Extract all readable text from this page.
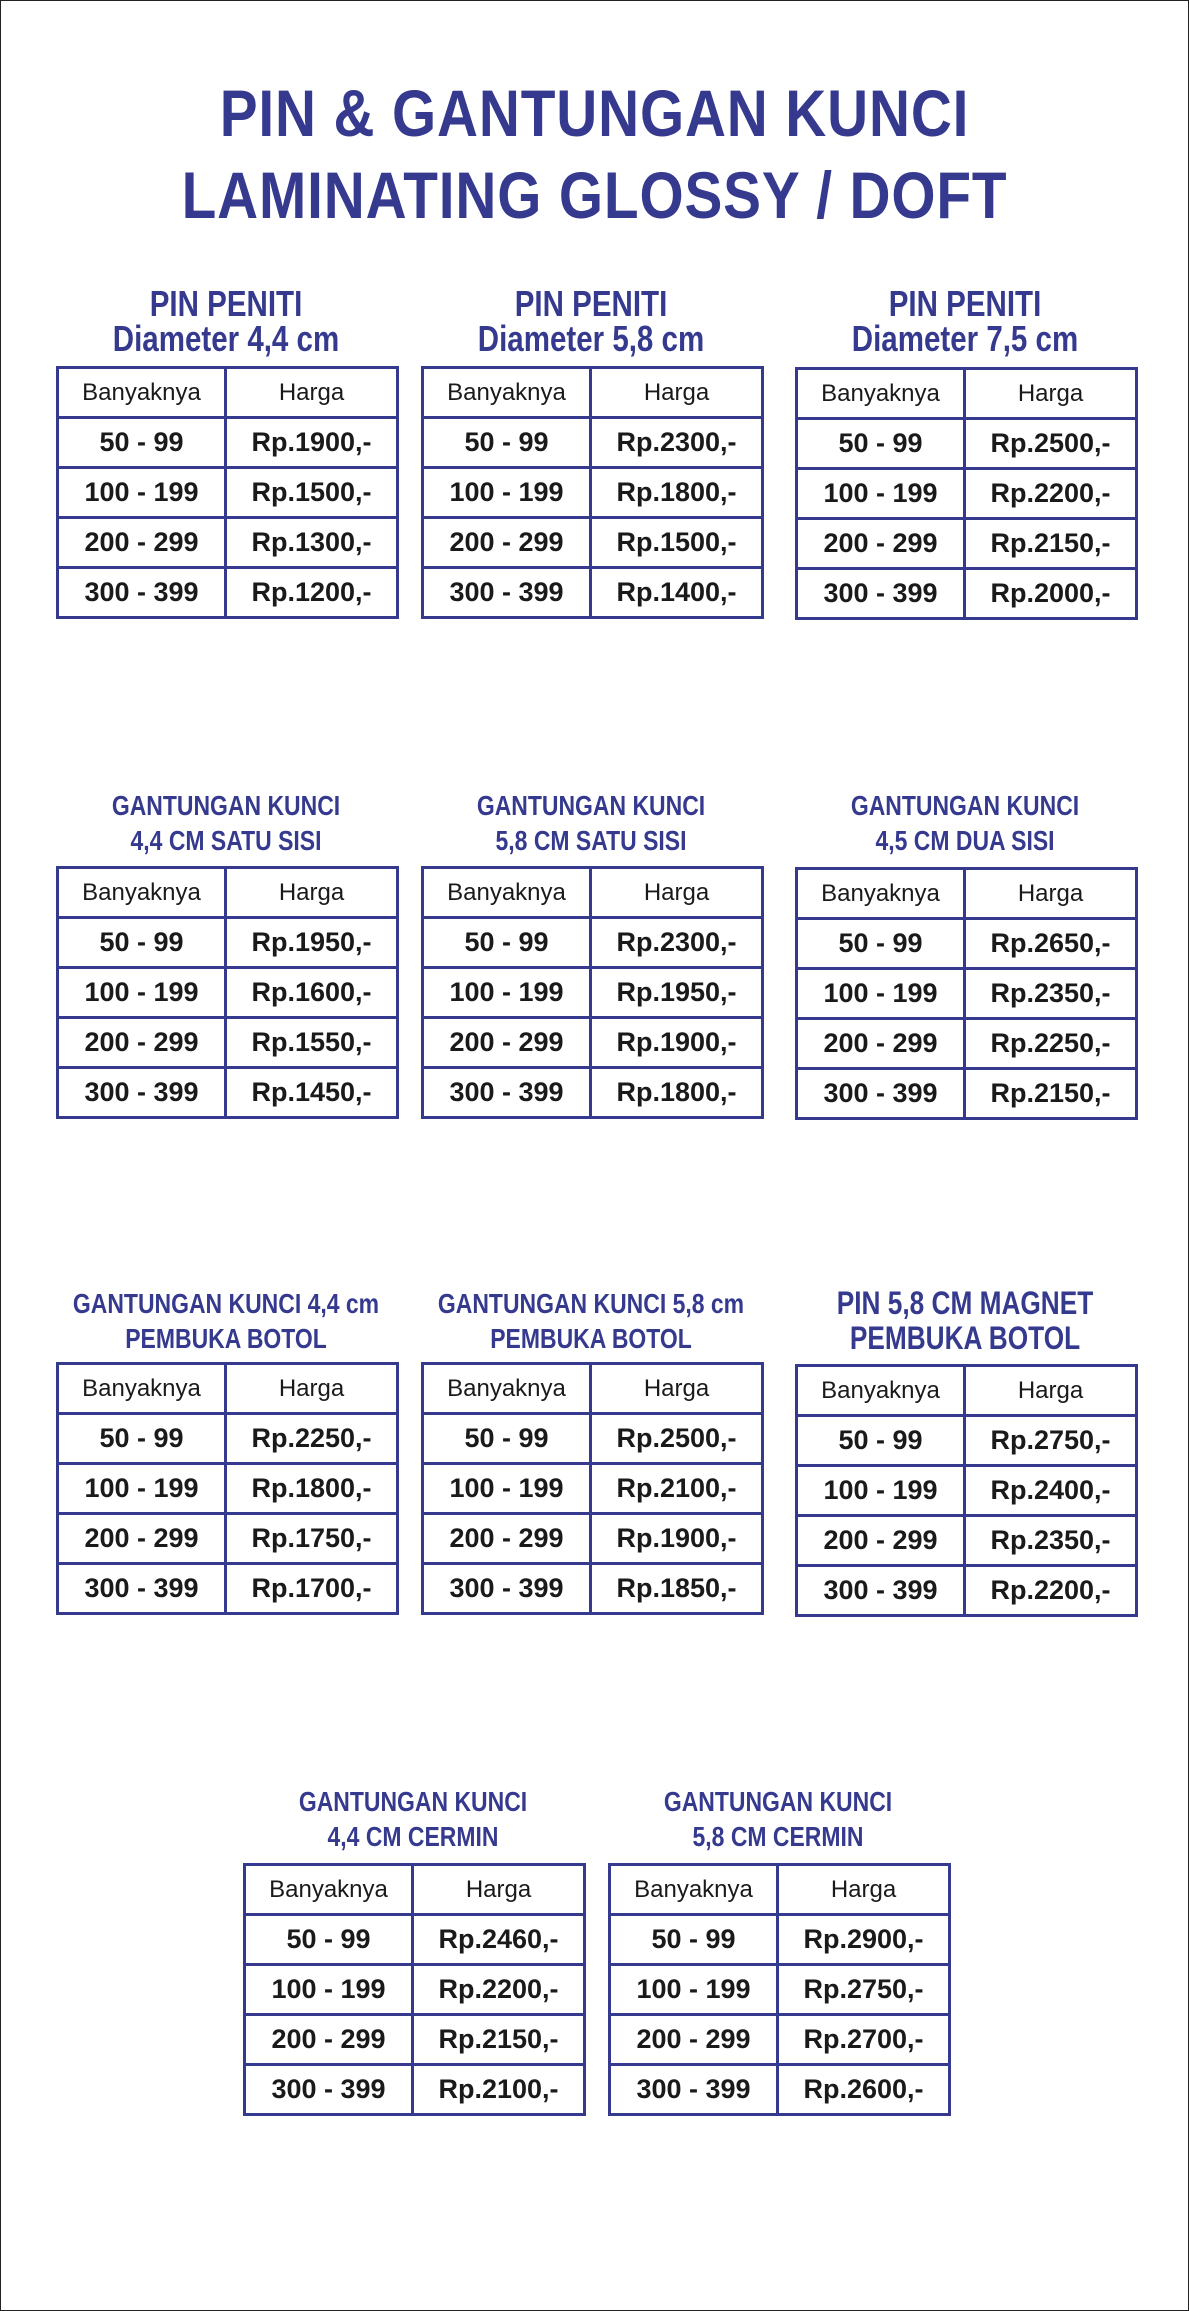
PIN & GANTUNGAN KUNCI
LAMINATING GLOSSY / DOFT
PIN PENITI
Diameter 4,4 cm
Banyaknya	Harga
50 - 99	Rp.1900,-
100 - 199	Rp.1500,-
200 - 299	Rp.1300,-
300 - 399	Rp.1200,-
PIN PENITI
Diameter 5,8 cm
Banyaknya	Harga
50 - 99	Rp.2300,-
100 - 199	Rp.1800,-
200 - 299	Rp.1500,-
300 - 399	Rp.1400,-
PIN PENITI
Diameter 7,5 cm
Banyaknya	Harga
50 - 99	Rp.2500,-
100 - 199	Rp.2200,-
200 - 299	Rp.2150,-
300 - 399	Rp.2000,-
GANTUNGAN KUNCI
4,4 CM SATU SISI
Banyaknya	Harga
50 - 99	Rp.1950,-
100 - 199	Rp.1600,-
200 - 299	Rp.1550,-
300 - 399	Rp.1450,-
GANTUNGAN KUNCI
5,8 CM SATU SISI
Banyaknya	Harga
50 - 99	Rp.2300,-
100 - 199	Rp.1950,-
200 - 299	Rp.1900,-
300 - 399	Rp.1800,-
GANTUNGAN KUNCI
4,5 CM DUA SISI
Banyaknya	Harga
50 - 99	Rp.2650,-
100 - 199	Rp.2350,-
200 - 299	Rp.2250,-
300 - 399	Rp.2150,-
GANTUNGAN KUNCI 4,4 cm
PEMBUKA BOTOL
Banyaknya	Harga
50 - 99	Rp.2250,-
100 - 199	Rp.1800,-
200 - 299	Rp.1750,-
300 - 399	Rp.1700,-
GANTUNGAN KUNCI 5,8 cm
PEMBUKA BOTOL
Banyaknya	Harga
50 - 99	Rp.2500,-
100 - 199	Rp.2100,-
200 - 299	Rp.1900,-
300 - 399	Rp.1850,-
PIN 5,8 CM MAGNET
PEMBUKA BOTOL
Banyaknya	Harga
50 - 99	Rp.2750,-
100 - 199	Rp.2400,-
200 - 299	Rp.2350,-
300 - 399	Rp.2200,-
GANTUNGAN KUNCI
4,4 CM CERMIN
Banyaknya	Harga
50 - 99	Rp.2460,-
100 - 199	Rp.2200,-
200 - 299	Rp.2150,-
300 - 399	Rp.2100,-
GANTUNGAN KUNCI
5,8 CM CERMIN
Banyaknya	Harga
50 - 99	Rp.2900,-
100 - 199	Rp.2750,-
200 - 299	Rp.2700,-
300 - 399	Rp.2600,-
